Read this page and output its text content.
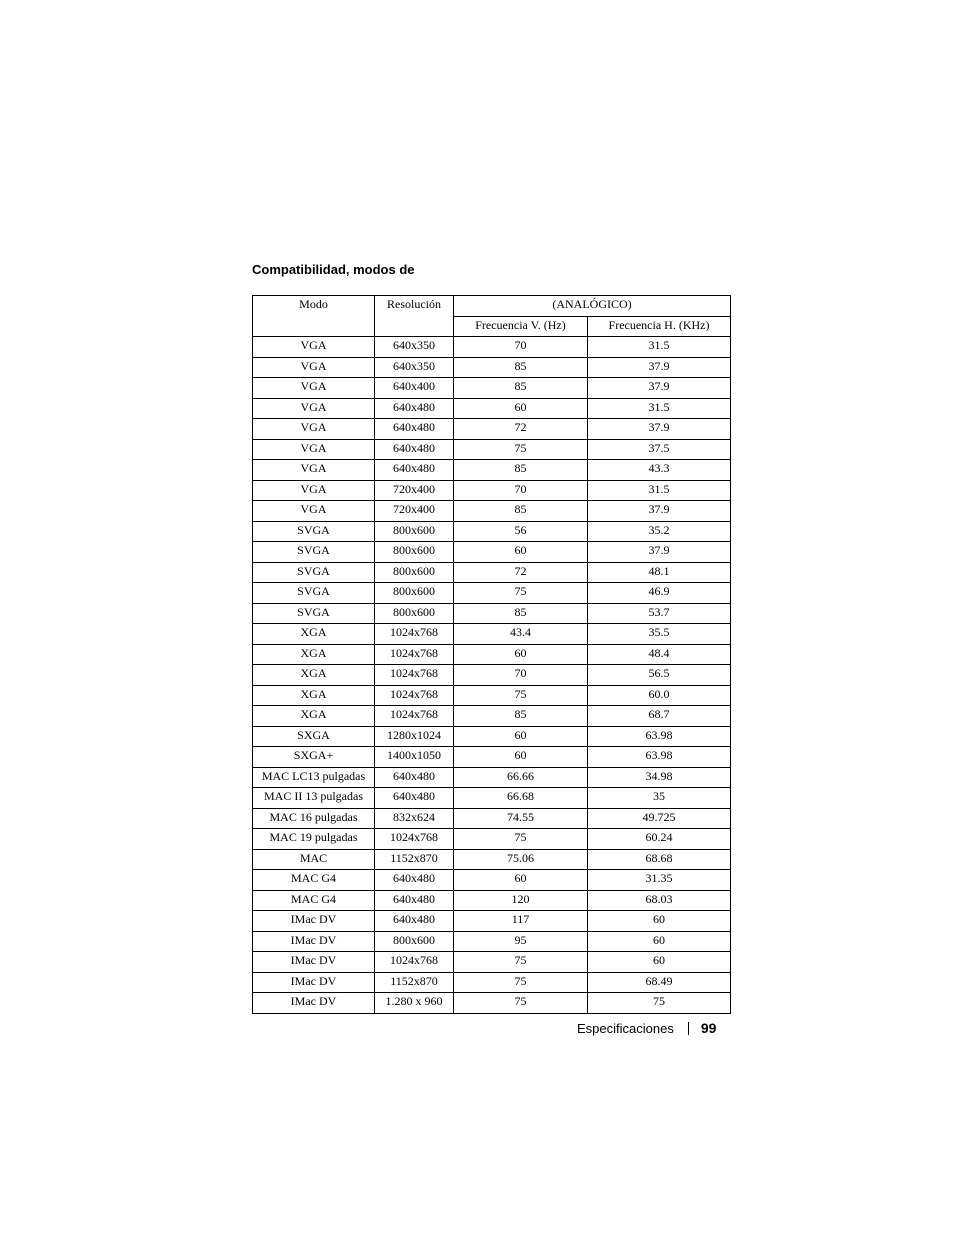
Compatibilidad, modos de
Modo	Resolución	(ANALÓGICO)	
		Frecuencia V. (Hz)	Frecuencia H. (KHz)
VGA	640x350	70	31.5
VGA	640x350	85	37.9
VGA	640x400	85	37.9
VGA	640x480	60	31.5
VGA	640x480	72	37.9
VGA	640x480	75	37.5
VGA	640x480	85	43.3
VGA	720x400	70	31.5
VGA	720x400	85	37.9
SVGA	800x600	56	35.2
SVGA	800x600	60	37.9
SVGA	800x600	72	48.1
SVGA	800x600	75	46.9
SVGA	800x600	85	53.7
XGA	1024x768	43.4	35.5
XGA	1024x768	60	48.4
XGA	1024x768	70	56.5
XGA	1024x768	75	60.0
XGA	1024x768	85	68.7
SXGA	1280x1024	60	63.98
SXGA+	1400x1050	60	63.98
MAC LC13 pulgadas	640x480	66.66	34.98
MAC II 13 pulgadas	640x480	66.68	35
MAC 16 pulgadas	832x624	74.55	49.725
MAC 19 pulgadas	1024x768	75	60.24
MAC	1152x870	75.06	68.68
MAC G4	640x480	60	31.35
MAC G4	640x480	120	68.03
IMac DV	640x480	117	60
IMac DV	800x600	95	60
IMac DV	1024x768	75	60
IMac DV	1152x870	75	68.49
IMac DV	1.280 x 960	75	75
Especificaciones 99
